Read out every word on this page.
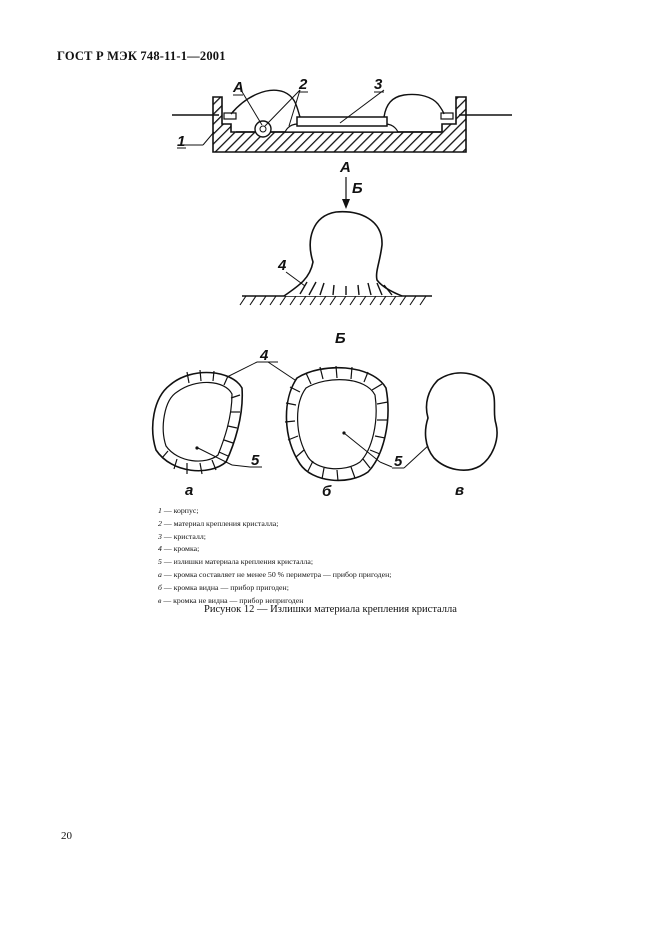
ГОСТ Р МЭК 748-11-1—2001
А	2	3
1
А
Б
4
Б
4
5
а
5
б	в
1 — корпус;
2 — материал крепления кристалла;
3 — кристалл;
4 — кромка;
5 — излишки материала крепления кристалла;
а — кромка составляет не менее 50 % периметра — прибор пригоден;
б — кромка видна — прибор пригоден;
в — кромка не видна — прибор непригоден
Рисунок 12 — Излишки материала крепления кристалла
20
